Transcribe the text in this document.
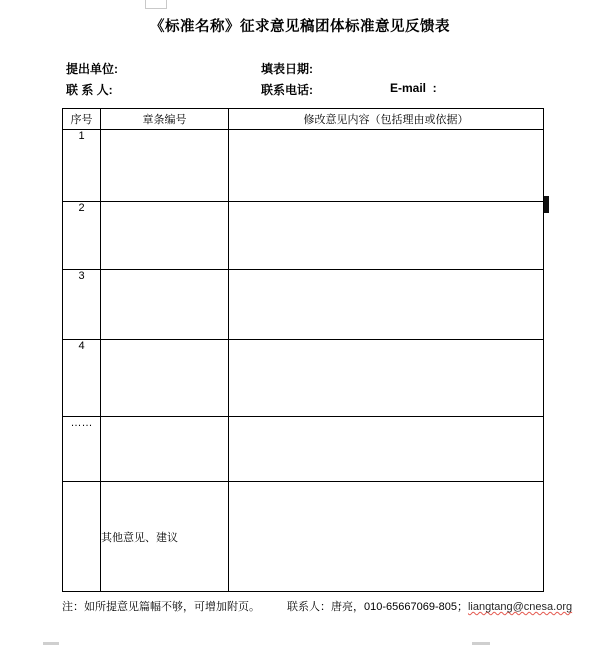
《标准名称》征求意见稿团体标准意见反馈表
提出单位:	填表日期:
联 系 人:	联系电话:	E-mail  :
序号	章条编号	修改意见内容（包括理由或依据）
1		
2		
3		
4		
……		
	其他意见、建议	
注：如所提意见篇幅不够，可增加附页。 联系人：唐亮，010-65667069-805；liangtang@cnesa.org
